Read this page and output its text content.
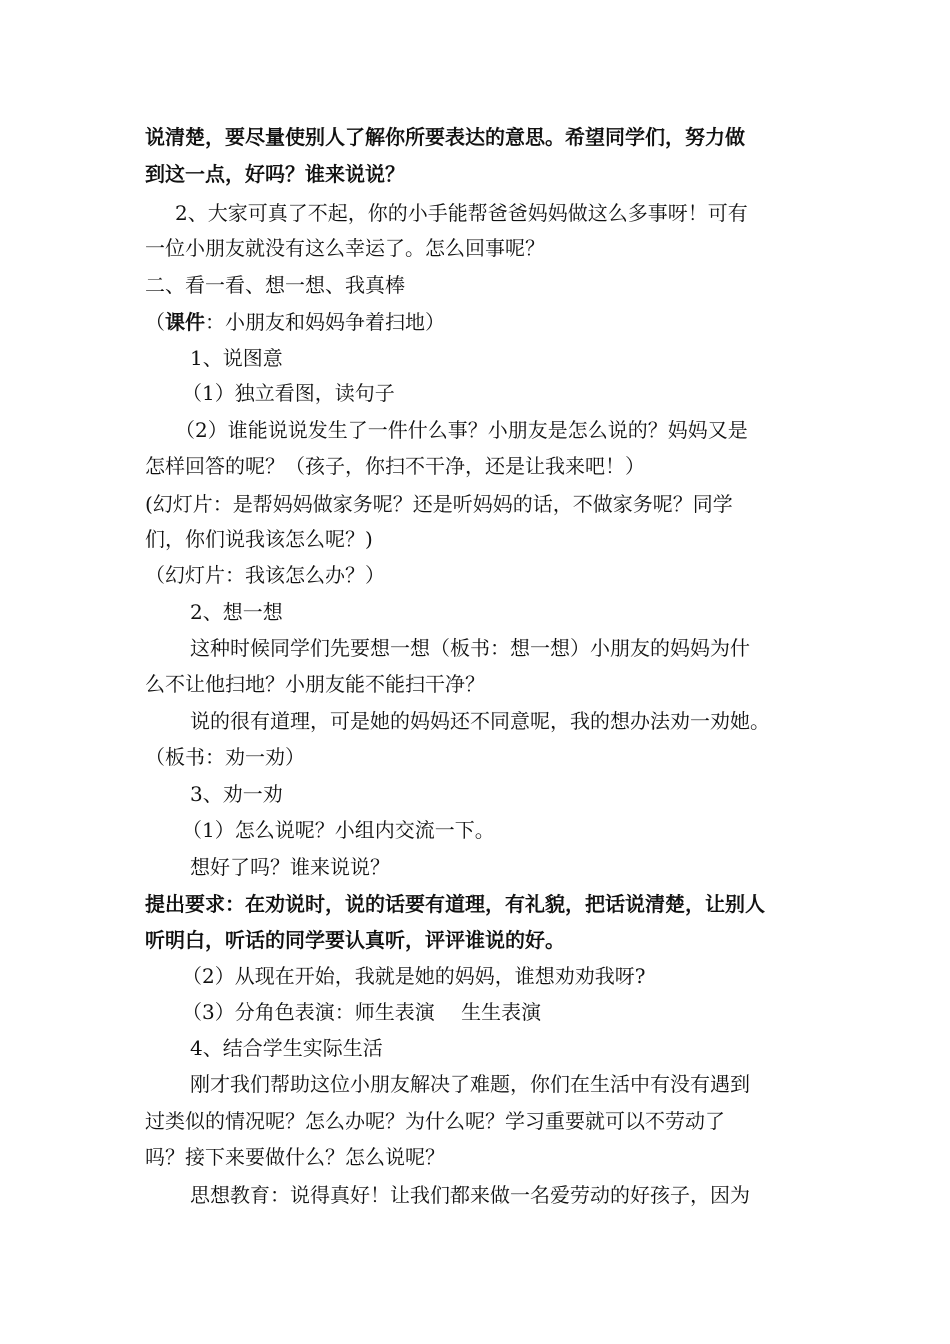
说清楚，要尽量使别人了解你所要表达的意思。希望同学们，努力做
到这一点，好吗？谁来说说？
2、大家可真了不起，你的小手能帮爸爸妈妈做这么多事呀！可有
一位小朋友就没有这么幸运了。怎么回事呢？
二、看一看、想一想、我真棒
（课件：小朋友和妈妈争着扫地）
1、说图意
（1）独立看图，读句子
（2）谁能说说发生了一件什么事？小朋友是怎么说的？妈妈又是
怎样回答的呢？（孩子，你扫不干净，还是让我来吧！）
(幻灯片：是帮妈妈做家务呢？还是听妈妈的话，不做家务呢？同学
们，你们说我该怎么呢？)
（幻灯片：我该怎么办？）
2、想一想
这种时候同学们先要想一想（板书：想一想）小朋友的妈妈为什
么不让他扫地？小朋友能不能扫干净？
说的很有道理，可是她的妈妈还不同意呢，我的想办法劝一劝她。
（板书：劝一劝）
3、劝一劝
（1）怎么说呢？小组内交流一下。
想好了吗？谁来说说？
提出要求：在劝说时，说的话要有道理，有礼貌，把话说清楚，让别人
听明白，听话的同学要认真听，评评谁说的好。
（2）从现在开始，我就是她的妈妈，谁想劝劝我呀?
（3）分角色表演：师生表演　 生生表演
4、结合学生实际生活
刚才我们帮助这位小朋友解决了难题，你们在生活中有没有遇到
过类似的情况呢？怎么办呢？为什么呢？学习重要就可以不劳动了
吗？接下来要做什么？怎么说呢？
思想教育：说得真好！让我们都来做一名爱劳动的好孩子，因为
